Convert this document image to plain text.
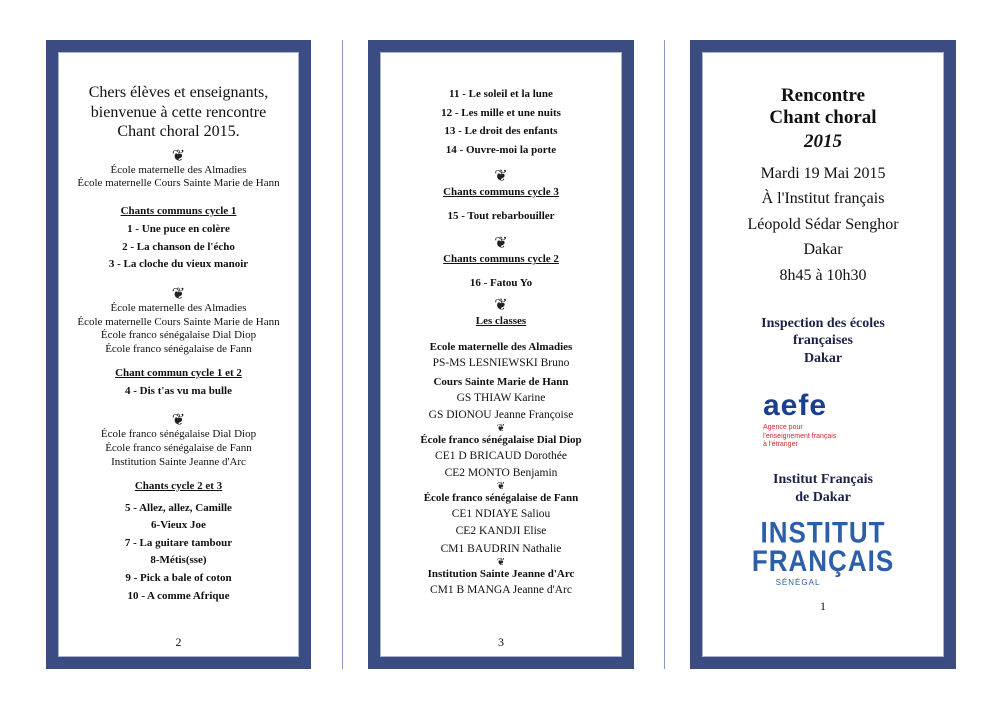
Chers élèves et enseignants, bienvenue à cette rencontre Chant choral 2015.

❦

École maternelle des Almadies

École maternelle Cours Sainte Marie de Hann

Chants communs cycle 1

1 - Une puce en colère

2 - La chanson de l'écho

3 - La cloche du vieux manoir

❦

École maternelle des Almadies

École maternelle Cours Sainte Marie de Hann

École franco sénégalaise Dial Diop

École franco sénégalaise de Fann

Chant commun cycle 1 et 2

4 - Dis t'as vu ma bulle

❦

École franco sénégalaise Dial Diop

École franco sénégalaise de Fann

Institution Sainte Jeanne d'Arc

Chants cycle 2 et 3

5 - Allez, allez, Camille

6-Vieux Joe

7 - La guitare tambour

8-Métis(sse)

9 - Pick a bale of coton

10 - A comme Afrique

2

11 - Le soleil et la lune

12 - Les mille et une nuits

13 - Le droit des enfants

14 - Ouvre-moi la porte

❦

Chants communs cycle 3

15 - Tout rebarbouiller

❦

Chants communs cycle 2

16 - Fatou Yo

❦

Les classes

Ecole maternelle des Almadies

PS-MS LESNIEWSKI Bruno

Cours Sainte Marie de Hann

GS THIAW Karine

GS DIONOU Jeanne Françoise

❦

École franco sénégalaise Dial Diop

CE1 D BRICAUD Dorothée

CE2 MONTO Benjamin

❦

École franco sénégalaise de Fann

CE1 NDIAYE Saliou

CE2 KANDJI Elise

CM1 BAUDRIN Nathalie

❦

Institution Sainte Jeanne d'Arc

CM1 B MANGA Jeanne d'Arc

3

Rencontre

Chant choral

2015

Mardi 19 Mai 2015

À l'Institut français

Léopold Sédar Senghor

Dakar

8h45 à 10h30

Inspection des écoles

françaises

Dakar

aefe
Agence pour
l'enseignement français
à l'étranger

Institut Français

de Dakar

INSTITUT
FRANÇAIS
SÉNÉGAL
1
